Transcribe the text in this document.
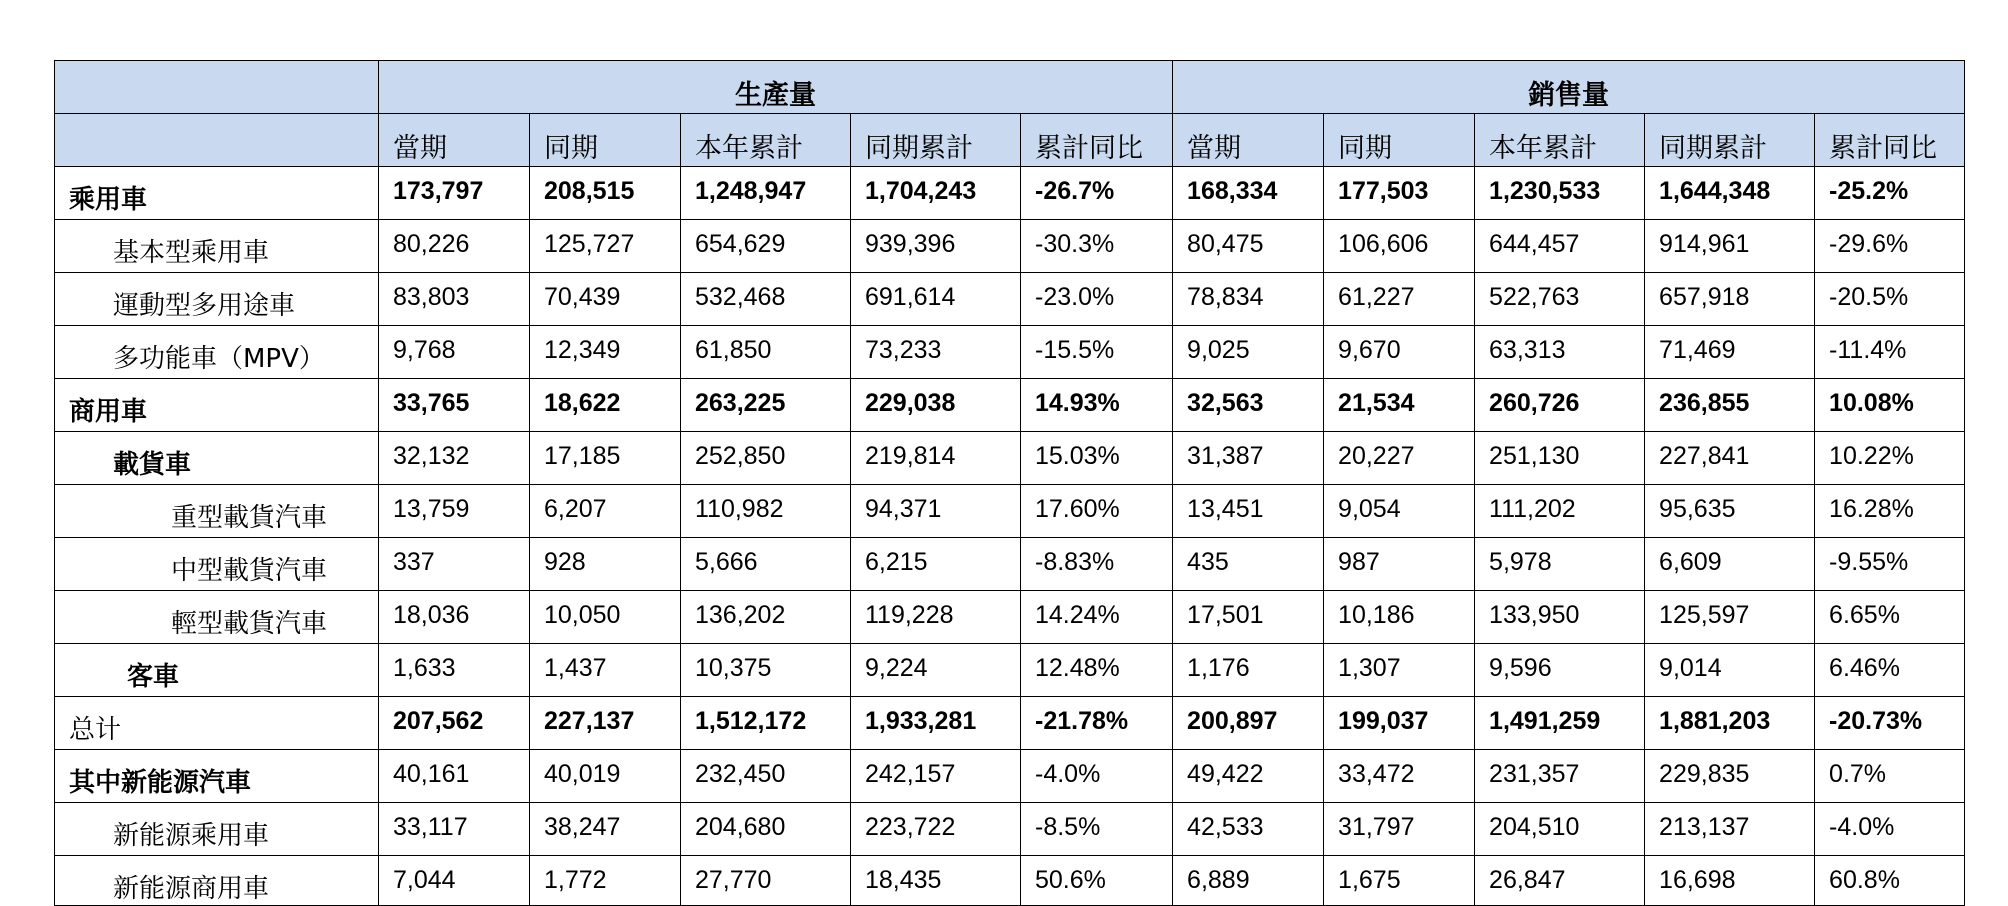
	生產量					銷售量				
	當期	同期	本年累計	同期累計	累計同比	當期	同期	本年累計	同期累計	累計同比
乘用車	173,797	208,515	1,248,947	1,704,243	-26.7%	168,334	177,503	1,230,533	1,644,348	-25.2%
基本型乘用車	80,226	125,727	654,629	939,396	-30.3%	80,475	106,606	644,457	914,961	-29.6%
運動型多用途車	83,803	70,439	532,468	691,614	-23.0%	78,834	61,227	522,763	657,918	-20.5%
多功能車（MPV）	9,768	12,349	61,850	73,233	-15.5%	9,025	9,670	63,313	71,469	-11.4%
商用車	33,765	18,622	263,225	229,038	14.93%	32,563	21,534	260,726	236,855	10.08%
載貨車	32,132	17,185	252,850	219,814	15.03%	31,387	20,227	251,130	227,841	10.22%
重型載貨汽車	13,759	6,207	110,982	94,371	17.60%	13,451	9,054	111,202	95,635	16.28%
中型載貨汽車	337	928	5,666	6,215	-8.83%	435	987	5,978	6,609	-9.55%
輕型載貨汽車	18,036	10,050	136,202	119,228	14.24%	17,501	10,186	133,950	125,597	6.65%
客車	1,633	1,437	10,375	9,224	12.48%	1,176	1,307	9,596	9,014	6.46%
总计	207,562	227,137	1,512,172	1,933,281	-21.78%	200,897	199,037	1,491,259	1,881,203	-20.73%
其中新能源汽車	40,161	40,019	232,450	242,157	-4.0%	49,422	33,472	231,357	229,835	0.7%
新能源乘用車	33,117	38,247	204,680	223,722	-8.5%	42,533	31,797	204,510	213,137	-4.0%
新能源商用車	7,044	1,772	27,770	18,435	50.6%	6,889	1,675	26,847	16,698	60.8%
